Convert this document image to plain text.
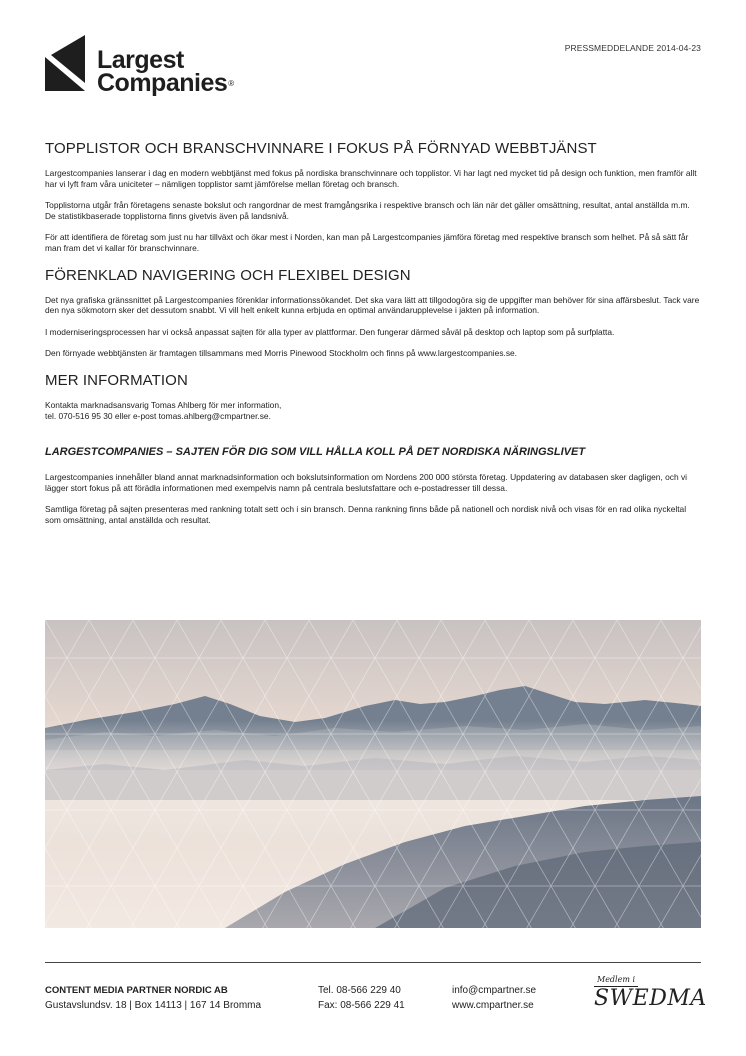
Largest
Companies®
PRESSMEDDELANDE 2014-04-23
TOPPLISTOR OCH BRANSCHVINNARE I FOKUS PÅ FÖRNYAD WEBBTJÄNST

Largestcompanies lanserar i dag en modern webbtjänst med fokus på nordiska branschvinnare och topplistor. Vi har lagt ned mycket tid på design och funktion, men framför allt har vi lyft fram våra uniciteter – nämligen topplistor samt jämförelse mellan företag och bransch.

Topplistorna utgår från företagens senaste bokslut och rangordnar de mest framgångsrika i respektive bransch och län när det gäller omsättning, resultat, antal anställda m.m. De statistikbaserade topplistorna finns givetvis även på landsnivå.

För att identifiera de företag som just nu har tillväxt och ökar mest i Norden, kan man på Largestcompanies jämföra företag med respektive bransch som helhet. På så sätt får man fram det vi kallar för branschvinnare.

FÖRENKLAD NAVIGERING OCH FLEXIBEL DESIGN

Det nya grafiska gränssnittet på Largestcompanies förenklar informationssökandet. Det ska vara lätt att tillgodogöra sig de uppgifter man behöver för sina affärsbeslut. Tack vare den nya sökmotorn sker det dessutom snabbt. Vi vill helt enkelt kunna erbjuda en optimal användarupplevelse i jakten på information.

I moderniseringsprocessen har vi också anpassat sajten för alla typer av plattformar. Den fungerar därmed såväl på desktop och laptop som på surfplatta.

Den förnyade webbtjänsten är framtagen tillsammans med Morris Pinewood Stockholm och finns på www.largestcompanies.se.

MER INFORMATION

Kontakta marknadsansvarig Tomas Ahlberg för mer information,
tel. 070-516 95 30 eller e-post tomas.ahlberg@cmpartner.se.

LARGESTCOMPANIES – SAJTEN FÖR DIG SOM VILL HÅLLA KOLL PÅ DET NORDISKA NÄRINGSLIVET

Largestcompanies innehåller bland annat marknadsinformation och bokslutsinformation om Nordens 200 000 största företag. Uppdatering av databasen sker dagligen, och vi lägger stort fokus på att förädla informationen med exempelvis namn på centrala beslutsfattare och e-postadresser till dessa.

Samtliga företag på sajten presenteras med rankning totalt sett och i sin bransch. Denna rankning finns både på nationell och nordisk nivå och visas för en rad olika nyckeltal som omsättning, antal anställda och resultat.

CONTENT MEDIA PARTNER NORDIC AB
Gustavslundsv. 18 | Box 14113 | 167 14 Bromma
Tel. 08-566 229 40
Fax: 08-566 229 41
info@cmpartner.se
www.cmpartner.se
Medlem i
SWEDMA
